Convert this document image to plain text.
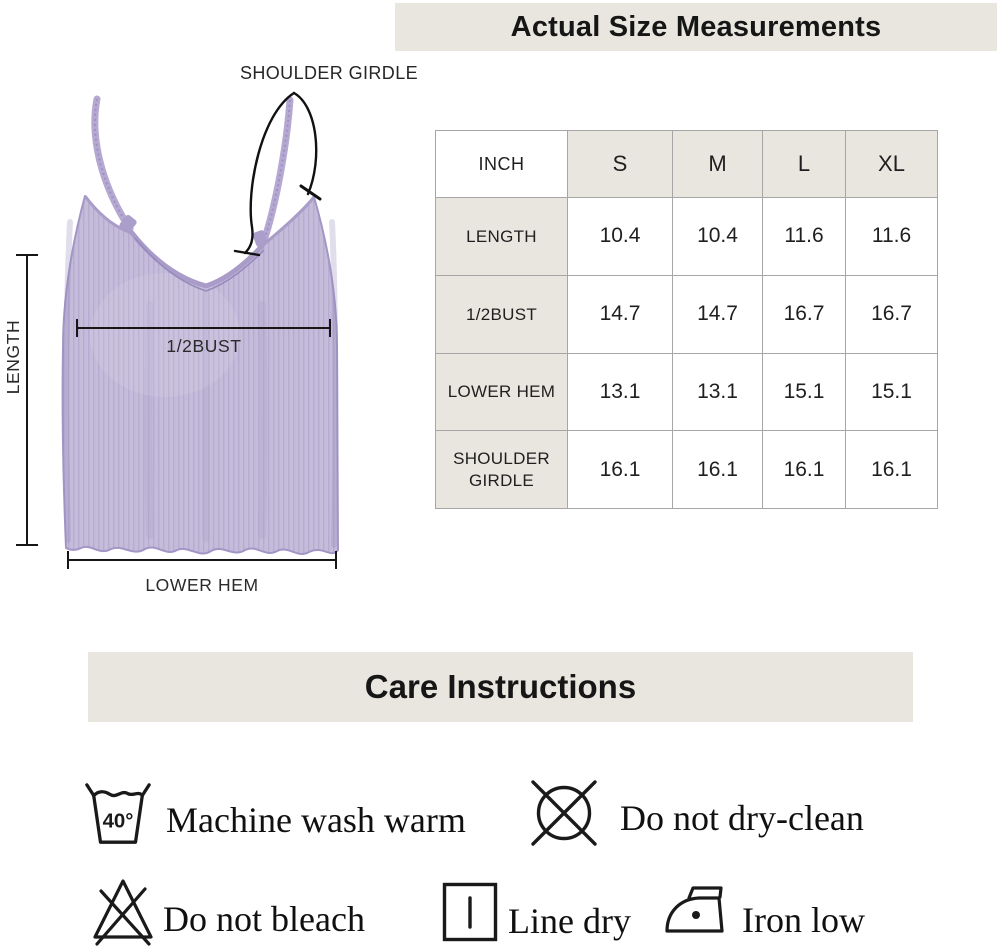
Actual Size Measurements
SHOULDER GIRDLE
LENGTH	1/2BUST
LOWER HEM
INCH	S	M	L	XL
LENGTH	10.4	10.4	11.6	11.6
1/2BUST	14.7	14.7	16.7	16.7
LOWER HEM	13.1	13.1	15.1	15.1
SHOULDER GIRDLE	16.1	16.1	16.1	16.1
Care Instructions
40° Machine wash warm	Do not dry-clean
Do not bleach	Line dry	Iron low
